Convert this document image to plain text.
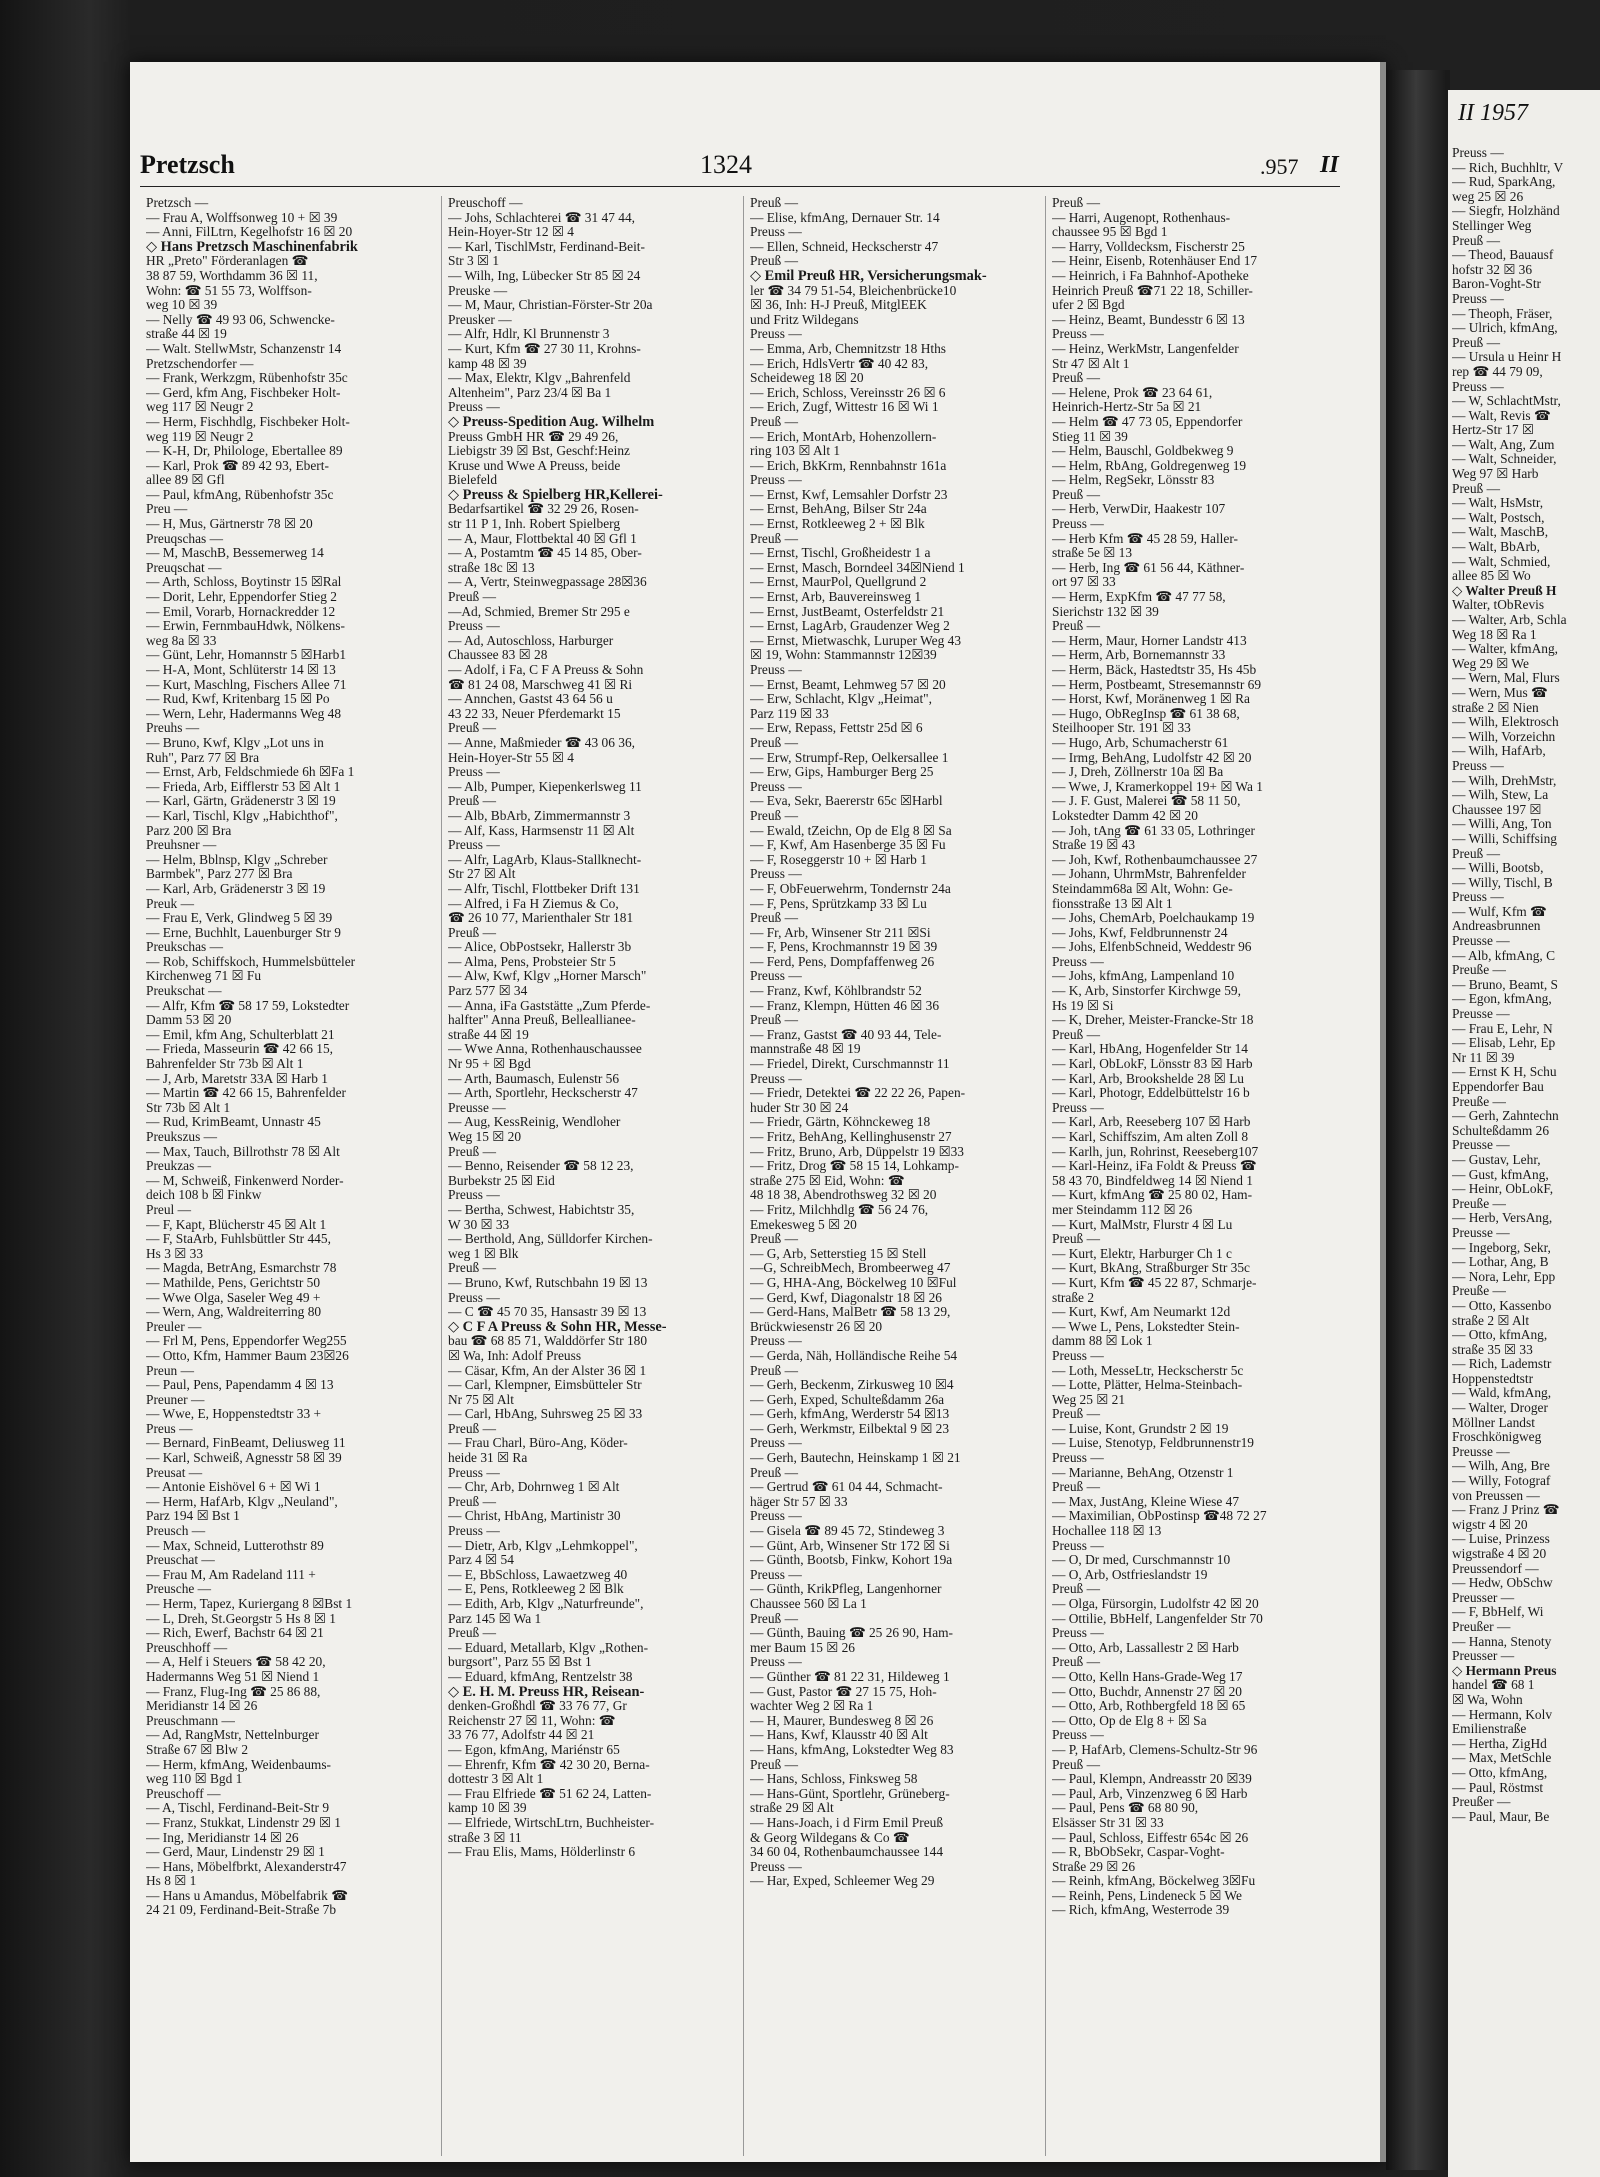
Pretzsch	1324	.957 II
Pretzsch —
— Frau A, Wolffsonweg 10 + ☒ 39
— Anni, FilLtrn, Kegelhofstr 16 ☒ 20
◇ Hans Pretzsch Maschinenfabrik
HR „Preto" Förderanlagen ☎
38 87 59, Worthdamm 36 ☒ 11,
Wohn: ☎ 51 55 73, Wolffson-
weg 10 ☒ 39
— Nelly ☎ 49 93 06, Schwencke-
straße 44 ☒ 19
— Walt. StellwMstr, Schanzenstr 14
Pretzschendorfer —
— Frank, Werkzgm, Rübenhofstr 35c
— Gerd, kfm Ang, Fischbeker Holt-
weg 117 ☒ Neugr 2
— Herm, Fischhdlg, Fischbeker Holt-
weg 119 ☒ Neugr 2
— K-H, Dr, Philologe, Ebertallee 89
— Karl, Prok ☎ 89 42 93, Ebert-
allee 89 ☒ Gfl
— Paul, kfmAng, Rübenhofstr 35c
Preu —
— H, Mus, Gärtnerstr 78 ☒ 20
Preuqschas —
— M, MaschB, Bessemerweg 14
Preuqschat —
— Arth, Schloss, Boytinstr 15 ☒Ral
— Dorit, Lehr, Eppendorfer Stieg 2
— Emil, Vorarb, Hornackredder 12
— Erwin, FernmbauHdwk, Nölkens-
weg 8a ☒ 33
— Günt, Lehr, Homannstr 5 ☒Harb1
— H-A, Mont, Schlüterstr 14 ☒ 13
— Kurt, Maschlng, Fischers Allee 71
— Rud, Kwf, Kritenbarg 15 ☒ Po
— Wern, Lehr, Hadermanns Weg 48
Preuhs —
— Bruno, Kwf, Klgv „Lot uns in
Ruh", Parz 77 ☒ Bra
— Ernst, Arb, Feldschmiede 6h ☒Fa 1
— Frieda, Arb, Eifflerstr 53 ☒ Alt 1
— Karl, Gärtn, Grädenerstr 3 ☒ 19
— Karl, Tischl, Klgv „Habichthof",
Parz 200 ☒ Bra
Preuhsner —
— Helm, Bblnsp, Klgv „Schreber
Barmbek", Parz 277 ☒ Bra
— Karl, Arb, Grädenerstr 3 ☒ 19
Preuk —
— Frau E, Verk, Glindweg 5 ☒ 39
— Erne, Buchhlt, Lauenburger Str 9
Preukschas —
— Rob, Schiffskoch, Hummelsbütteler
Kirchenweg 71 ☒ Fu
Preukschat —
— Alfr, Kfm ☎ 58 17 59, Lokstedter
Damm 53 ☒ 20
— Emil, kfm Ang, Schulterblatt 21
— Frieda, Masseurin ☎ 42 66 15,
Bahrenfelder Str 73b ☒ Alt 1
— J, Arb, Maretstr 33A ☒ Harb 1
— Martin ☎ 42 66 15, Bahrenfelder
Str 73b ☒ Alt 1
— Rud, KrimBeamt, Unnastr 45
Preukszus —
— Max, Tauch, Billrothstr 78 ☒ Alt
Preukzas —
— M, Schweiß, Finkenwerd Norder-
deich 108 b ☒ Finkw
Preul —
— F, Kapt, Blücherstr 45 ☒ Alt 1
— F, StaArb, Fuhlsbüttler Str 445,
Hs 3 ☒ 33
— Magda, BetrAng, Esmarchstr 78
— Mathilde, Pens, Gerichtstr 50
— Wwe Olga, Saseler Weg 49 +
— Wern, Ang, Waldreiterring 80
Preuler —
— Frl M, Pens, Eppendorfer Weg255
— Otto, Kfm, Hammer Baum 23☒26
Preun —
— Paul, Pens, Papendamm 4 ☒ 13
Preuner —
— Wwe, E, Hoppenstedtstr 33 +
Preus —
— Bernard, FinBeamt, Deliusweg 11
— Karl, Schweiß, Agnesstr 58 ☒ 39
Preusat —
— Antonie Eishövel 6 + ☒ Wi 1
— Herm, HafArb, Klgv „Neuland",
Parz 194 ☒ Bst 1
Preusch —
— Max, Schneid, Lutterothstr 89
Preuschat —
— Frau M, Am Radeland 111 +
Preusche —
— Herm, Tapez, Kuriergang 8 ☒Bst 1
— L, Dreh, St.Georgstr 5 Hs 8 ☒ 1
— Rich, Ewerf, Bachstr 64 ☒ 21
Preuschhoff —
— A, Helf i Steuers ☎ 58 42 20,
Hadermanns Weg 51 ☒ Niend 1
— Franz, Flug-Ing ☎ 25 86 88,
Meridianstr 14 ☒ 26
Preuschmann —
— Ad, RangMstr, Nettelnburger
Straße 67 ☒ Blw 2
— Herm, kfmAng, Weidenbaums-
weg 110 ☒ Bgd 1
Preuschoff —
— A, Tischl, Ferdinand-Beit-Str 9
— Franz, Stukkat, Lindenstr 29 ☒ 1
— Ing, Meridianstr 14 ☒ 26
— Gerd, Maur, Lindenstr 29 ☒ 1
— Hans, Möbelfbrkt, Alexanderstr47
Hs 8 ☒ 1
— Hans u Amandus, Möbelfabrik ☎
24 21 09, Ferdinand-Beit-Straße 7b
Preuschoff —
— Johs, Schlachterei ☎ 31 47 44,
Hein-Hoyer-Str 12 ☒ 4
— Karl, TischlMstr, Ferdinand-Beit-
Str 3 ☒ 1
— Wilh, Ing, Lübecker Str 85 ☒ 24
Preuske —
— M, Maur, Christian-Förster-Str 20a
Preusker —
— Alfr, Hdlr, Kl Brunnenstr 3
— Kurt, Kfm ☎ 27 30 11, Krohns-
kamp 48 ☒ 39
— Max, Elektr, Klgv „Bahrenfeld
Altenheim", Parz 23/4 ☒ Ba 1
Preuss —
◇ Preuss-Spedition Aug. Wilhelm
Preuss GmbH HR ☎ 29 49 26,
Liebigstr 39 ☒ Bst, Geschf:Heinz
Kruse und Wwe A Preuss, beide
Bielefeld
◇ Preuss & Spielberg HR,Kellerei-
Bedarfsartikel ☎ 32 29 26, Rosen-
str 11 P 1, Inh. Robert Spielberg
— A, Maur, Flottbektal 40 ☒ Gfl 1
— A, Postamtm ☎ 45 14 85, Ober-
straße 18c ☒ 13
— A, Vertr, Steinwegpassage 28☒36
Preuß —
—Ad, Schmied, Bremer Str 295 e
Preuss —
— Ad, Autoschloss, Harburger
Chaussee 83 ☒ 28
— Adolf, i Fa, C F A Preuss & Sohn
☎ 81 24 08, Marschweg 41 ☒ Ri
— Annchen, Gastst 43 64 56 u
43 22 33, Neuer Pferdemarkt 15
Preuß —
— Anne, Maßmieder ☎ 43 06 36,
Hein-Hoyer-Str 55 ☒ 4
Preuss —
— Alb, Pumper, Kiepenkerlsweg 11
Preuß —
— Alb, BbArb, Zimmermannstr 3
— Alf, Kass, Harmsenstr 11 ☒ Alt
Preuss —
— Alfr, LagArb, Klaus-Stallknecht-
Str 27 ☒ Alt
— Alfr, Tischl, Flottbeker Drift 131
— Alfred, i Fa H Ziemus & Co,
☎ 26 10 77, Marienthaler Str 181
Preuß —
— Alice, ObPostsekr, Hallerstr 3b
— Alma, Pens, Probsteier Str 5
— Alw, Kwf, Klgv „Horner Marsch"
Parz 577 ☒ 34
— Anna, iFa Gaststätte „Zum Pferde-
halfter" Anna Preuß, Belleallianee-
straße 44 ☒ 19
— Wwe Anna, Rothenhauschaussee
Nr 95 + ☒ Bgd
— Arth, Baumasch, Eulenstr 56
— Arth, Sportlehr, Heckscherstr 47
Preusse —
— Aug, KessReinig, Wendloher
Weg 15 ☒ 20
Preuß —
— Benno, Reisender ☎ 58 12 23,
Burbekstr 25 ☒ Eid
Preuss —
— Bertha, Schwest, Habichtstr 35,
W 30 ☒ 33
— Berthold, Ang, Sülldorfer Kirchen-
weg 1 ☒ Blk
Preuß —
— Bruno, Kwf, Rutschbahn 19 ☒ 13
Preuss —
— C ☎ 45 70 35, Hansastr 39 ☒ 13
◇ C F A Preuss & Sohn HR, Messe-
bau ☎ 68 85 71, Walddörfer Str 180
☒ Wa, Inh: Adolf Preuss
— Cäsar, Kfm, An der Alster 36 ☒ 1
— Carl, Klempner, Eimsbütteler Str
Nr 75 ☒ Alt
— Carl, HbAng, Suhrsweg 25 ☒ 33
Preuß —
— Frau Charl, Büro-Ang, Köder-
heide 31 ☒ Ra
Preuss —
— Chr, Arb, Dohrnweg 1 ☒ Alt
Preuß —
— Christ, HbAng, Martinistr 30
Preuss —
— Dietr, Arb, Klgv „Lehmkoppel",
Parz 4 ☒ 54
— E, BbSchloss, Lawaetzweg 40
— E, Pens, Rotkleeweg 2 ☒ Blk
— Edith, Arb, Klgv „Naturfreunde",
Parz 145 ☒ Wa 1
Preuß —
— Eduard, Metallarb, Klgv „Rothen-
burgsort", Parz 55 ☒ Bst 1
— Eduard, kfmAng, Rentzelstr 38
◇ E. H. M. Preuss HR, Reisean-
denken-Großhdl ☎ 33 76 77, Gr
Reichenstr 27 ☒ 11, Wohn: ☎
33 76 77, Adolfstr 44 ☒ 21
— Egon, kfmAng, Mariénstr 65
— Ehrenfr, Kfm ☎ 42 30 20, Berna-
dottestr 3 ☒ Alt 1
— Frau Elfriede ☎ 51 62 24, Latten-
kamp 10 ☒ 39
— Elfriede, WirtschLtrn, Buchheister-
straße 3 ☒ 11
— Frau Elis, Mams, Hölderlinstr 6
Preuß —
— Elise, kfmAng, Dernauer Str. 14
Preuss —
— Ellen, Schneid, Heckscherstr 47
Preuß —
◇ Emil Preuß HR, Versicherungsmak-
ler ☎ 34 79 51-54, Bleichenbrücke10
☒ 36, Inh: H-J Preuß, MitglEEK
und Fritz Wildegans
Preuss —
— Emma, Arb, Chemnitzstr 18 Hths
— Erich, HdlsVertr ☎ 40 42 83,
Scheideweg 18 ☒ 20
— Erich, Schloss, Vereinsstr 26 ☒ 6
— Erich, Zugf, Wittestr 16 ☒ Wi 1
Preuß —
— Erich, MontArb, Hohenzollern-
ring 103 ☒ Alt 1
— Erich, BkKrm, Rennbahnstr 161a
Preuss —
— Ernst, Kwf, Lemsahler Dorfstr 23
— Ernst, BehAng, Bilser Str 24a
— Ernst, Rotkleeweg 2 + ☒ Blk
Preuß —
— Ernst, Tischl, Großheidestr 1 a
— Ernst, Masch, Borndeel 34☒Niend 1
— Ernst, MaurPol, Quellgrund 2
— Ernst, Arb, Bauvereinsweg 1
— Ernst, JustBeamt, Osterfeldstr 21
— Ernst, LagArb, Graudenzer Weg 2
— Ernst, Mietwaschk, Luruper Weg 43
☒ 19, Wohn: Stammannstr 12☒39
Preuss —
— Ernst, Beamt, Lehmweg 57 ☒ 20
— Erw, Schlacht, Klgv „Heimat",
Parz 119 ☒ 33
— Erw, Repass, Fettstr 25d ☒ 6
Preuß —
— Erw, Strumpf-Rep, Oelkersallee 1
— Erw, Gips, Hamburger Berg 25
Preuss —
— Eva, Sekr, Baererstr 65c ☒Harbl
Preuß —
— Ewald, tZeichn, Op de Elg 8 ☒ Sa
— F, Kwf, Am Hasenberge 35 ☒ Fu
— F, Roseggerstr 10 + ☒ Harb 1
Preuss —
— F, ObFeuerwehrm, Tondernstr 24a
— F, Pens, Sprützkamp 33 ☒ Lu
Preuß —
— Fr, Arb, Winsener Str 211 ☒Si
— F, Pens, Krochmannstr 19 ☒ 39
— Ferd, Pens, Dompfaffenweg 26
Preuss —
— Franz, Kwf, Köhlbrandstr 52
— Franz, Klempn, Hütten 46 ☒ 36
Preuß —
— Franz, Gastst ☎ 40 93 44, Tele-
mannstraße 48 ☒ 19
— Friedel, Direkt, Curschmannstr 11
Preuss —
— Friedr, Detektei ☎ 22 22 26, Papen-
huder Str 30 ☒ 24
— Friedr, Gärtn, Köhnckeweg 18
— Fritz, BehAng, Kellinghusenstr 27
— Fritz, Bruno, Arb, Düppelstr 19 ☒33
— Fritz, Drog ☎ 58 15 14, Lohkamp-
straße 275 ☒ Eid, Wohn: ☎
48 18 38, Abendrothsweg 32 ☒ 20
— Fritz, Milchhdlg ☎ 56 24 76,
Emekesweg 5 ☒ 20
Preuß —
— G, Arb, Setterstieg 15 ☒ Stell
—G, SchreibMech, Brombeerweg 47
— G, HHA-Ang, Böckelweg 10 ☒Ful
— Gerd, Kwf, Diagonalstr 18 ☒ 26
— Gerd-Hans, MalBetr ☎ 58 13 29,
Brückwiesenstr 26 ☒ 20
Preuss —
— Gerda, Näh, Holländische Reihe 54
Preuß —
— Gerh, Beckenm, Zirkusweg 10 ☒4
— Gerh, Exped, Schulteßdamm 26a
— Gerh, kfmAng, Werderstr 54 ☒13
— Gerh, Werkmstr, Eilbektal 9 ☒ 23
Preuss —
— Gerh, Bautechn, Heinskamp 1 ☒ 21
Preuß —
— Gertrud ☎ 61 04 44, Schmacht-
häger Str 57 ☒ 33
Preuss —
— Gisela ☎ 89 45 72, Stindeweg 3
— Günt, Arb, Winsener Str 172 ☒ Si
— Günth, Bootsb, Finkw, Kohort 19a
Preuss —
— Günth, KrikPfleg, Langenhorner
Chaussee 560 ☒ La 1
Preuß —
— Günth, Bauing ☎ 25 26 90, Ham-
mer Baum 15 ☒ 26
Preuss —
— Günther ☎ 81 22 31, Hildeweg 1
— Gust, Pastor ☎ 27 15 75, Hoh-
wachter Weg 2 ☒ Ra 1
— H, Maurer, Bundesweg 8 ☒ 26
— Hans, Kwf, Klausstr 40 ☒ Alt
— Hans, kfmAng, Lokstedter Weg 83
Preuß —
— Hans, Schloss, Finksweg 58
— Hans-Günt, Sportlehr, Grüneberg-
straße 29 ☒ Alt
— Hans-Joach, i d Firm Emil Preuß
& Georg Wildegans & Co ☎
34 60 04, Rothenbaumchaussee 144
Preuss —
— Har, Exped, Schleemer Weg 29
Preuß —
— Harri, Augenopt, Rothenhaus-
chaussee 95 ☒ Bgd 1
— Harry, Volldecksm, Fischerstr 25
— Heinr, Eisenb, Rotenhäuser End 17
— Heinrich, i Fa Bahnhof-Apotheke
Heinrich Preuß ☎71 22 18, Schiller-
ufer 2 ☒ Bgd
— Heinz, Beamt, Bundesstr 6 ☒ 13
Preuss —
— Heinz, WerkMstr, Langenfelder
Str 47 ☒ Alt 1
Preuß —
— Helene, Prok ☎ 23 64 61,
Heinrich-Hertz-Str 5a ☒ 21
— Helm ☎ 47 73 05, Eppendorfer
Stieg 11 ☒ 39
— Helm, Bauschl, Goldbekweg 9
— Helm, RbAng, Goldregenweg 19
— Helm, RegSekr, Lönsstr 83
Preuß —
— Herb, VerwDir, Haakestr 107
Preuss —
— Herb Kfm ☎ 45 28 59, Haller-
straße 5e ☒ 13
— Herb, Ing ☎ 61 56 44, Käthner-
ort 97 ☒ 33
— Herm, ExpKfm ☎ 47 77 58,
Sierichstr 132 ☒ 39
Preuß —
— Herm, Maur, Horner Landstr 413
— Herm, Arb, Bornemannstr 33
— Herm, Bäck, Hastedtstr 35, Hs 45b
— Herm, Postbeamt, Stresemannstr 69
— Horst, Kwf, Moränenweg 1 ☒ Ra
— Hugo, ObRegInsp ☎ 61 38 68,
Steilhooper Str. 191 ☒ 33
— Hugo, Arb, Schumacherstr 61
— Irmg, BehAng, Ludolfstr 42 ☒ 20
— J, Dreh, Zöllnerstr 10a ☒ Ba
— Wwe, J, Kramerkoppel 19+ ☒ Wa 1
— J. F. Gust, Malerei ☎ 58 11 50,
Lokstedter Damm 42 ☒ 20
— Joh, tAng ☎ 61 33 05, Lothringer
Straße 19 ☒ 43
— Joh, Kwf, Rothenbaumchaussee 27
— Johann, UhrmMstr, Bahrenfelder
Steindamm68a ☒ Alt, Wohn: Ge-
fionsstraße 13 ☒ Alt 1
— Johs, ChemArb, Poelchaukamp 19
— Johs, Kwf, Feldbrunnenstr 24
— Johs, ElfenbSchneid, Weddestr 96
Preuss —
— Johs, kfmAng, Lampenland 10
— K, Arb, Sinstorfer Kirchwge 59,
Hs 19 ☒ Si
— K, Dreher, Meister-Francke-Str 18
Preuß —
— Karl, HbAng, Hogenfelder Str 14
— Karl, ObLokF, Lönsstr 83 ☒ Harb
— Karl, Arb, Brookshelde 28 ☒ Lu
— Karl, Photogr, Eddelbüttelstr 16 b
Preuss —
— Karl, Arb, Reeseberg 107 ☒ Harb
— Karl, Schiffszim, Am alten Zoll 8
— Karlh, jun, Rohrinst, Reeseberg107
— Karl-Heinz, iFa Foldt & Preuss ☎
58 43 70, Bindfeldweg 14 ☒ Niend 1
— Kurt, kfmAng ☎ 25 80 02, Ham-
mer Steindamm 112 ☒ 26
— Kurt, MalMstr, Flurstr 4 ☒ Lu
Preuß —
— Kurt, Elektr, Harburger Ch 1 c
— Kurt, BkAng, Straßburger Str 35c
— Kurt, Kfm ☎ 45 22 87, Schmarje-
straße 2
— Kurt, Kwf, Am Neumarkt 12d
— Wwe L, Pens, Lokstedter Stein-
damm 88 ☒ Lok 1
Preuss —
— Loth, MesseLtr, Heckscherstr 5c
— Lotte, Plätter, Helma-Steinbach-
Weg 25 ☒ 21
Preuß —
— Luise, Kont, Grundstr 2 ☒ 19
— Luise, Stenotyp, Feldbrunnenstr19
Preuss —
— Marianne, BehAng, Otzenstr 1
Preuß —
— Max, JustAng, Kleine Wiese 47
— Maximilian, ObPostinsp ☎48 72 27
Hochallee 118 ☒ 13
Preuss —
— O, Dr med, Curschmannstr 10
— O, Arb, Ostfrieslandstr 19
Preuß —
— Olga, Fürsorgin, Ludolfstr 42 ☒ 20
— Ottilie, BbHelf, Langenfelder Str 70
Preuss —
— Otto, Arb, Lassallestr 2 ☒ Harb
Preuß —
— Otto, Kelln Hans-Grade-Weg 17
— Otto, Buchdr, Annenstr 27 ☒ 20
— Otto, Arb, Rothbergfeld 18 ☒ 65
— Otto, Op de Elg 8 + ☒ Sa
Preuss —
— P, HafArb, Clemens-Schultz-Str 96
Preuß —
— Paul, Klempn, Andreasstr 20 ☒39
— Paul, Arb, Vinzenzweg 6 ☒ Harb
— Paul, Pens ☎ 68 80 90,
Elsässer Str 31 ☒ 33
— Paul, Schloss, Eiffestr 654c ☒ 26
— R, BbObSekr, Caspar-Voght-
Straße 29 ☒ 26
— Reinh, kfmAng, Böckelweg 3☒Fu
— Reinh, Pens, Lindeneck 5 ☒ We
— Rich, kfmAng, Westerrode 39
II 1957
Preuss —
— Rich, Buchhltr, V
— Rud, SparkAng,
weg 25 ☒ 26
— Siegfr, Holzhänd
Stellinger Weg
Preuß —
— Theod, Bauausf
hofstr 32 ☒ 36
Baron-Voght-Str
Preuss —
— Theoph, Fräser,
— Ulrich, kfmAng,
Preuß —
— Ursula u Heinr H
rep ☎ 44 79 09,
Preuss —
— W, SchlachtMstr,
— Walt, Revis ☎
Hertz-Str 17 ☒
— Walt, Ang, Zum
— Walt, Schneider,
Weg 97 ☒ Harb
Preuß —
— Walt, HsMstr,
— Walt, Postsch,
— Walt, MaschB,
— Walt, BbArb,
— Walt, Schmied,
allee 85 ☒ Wo
◇ Walter Preuß H
Walter, tObRevis
— Walter, Arb, Schla
Weg 18 ☒ Ra 1
— Walter, kfmAng,
Weg 29 ☒ We
— Wern, Mal, Flurs
— Wern, Mus ☎
straße 2 ☒ Nien
— Wilh, Elektrosch
— Wilh, Vorzeichn
— Wilh, HafArb,
Preuss —
— Wilh, DrehMstr,
— Wilh, Stew, La
Chaussee 197 ☒
— Willi, Ang, Ton
— Willi, Schiffsing
Preuß —
— Willi, Bootsb,
— Willy, Tischl, B
Preuss —
— Wulf, Kfm ☎
Andreasbrunnen
Preusse —
— Alb, kfmAng, C
Preuße —
— Bruno, Beamt, S
— Egon, kfmAng,
Preusse —
— Frau E, Lehr, N
— Elisab, Lehr, Ep
Nr 11 ☒ 39
— Ernst K H, Schu
Eppendorfer Bau
Preuße —
— Gerh, Zahntechn
Schulteßdamm 26
Preusse —
— Gustav, Lehr,
— Gust, kfmAng,
— Heinr, ObLokF,
Preuße —
— Herb, VersAng,
Preusse —
— Ingeborg, Sekr,
— Lothar, Ang, B
— Nora, Lehr, Epp
Preuße —
— Otto, Kassenbo
straße 2 ☒ Alt
— Otto, kfmAng,
straße 35 ☒ 33
— Rich, Lademstr
Hoppenstedtstr
— Wald, kfmAng,
— Walter, Droger
Möllner Landst
Froschkönigweg
Preusse —
— Wilh, Ang, Bre
— Willy, Fotograf
von Preussen —
— Franz J Prinz ☎
wigstr 4 ☒ 20
— Luise, Prinzess
wigstraße 4 ☒ 20
Preussendorf —
— Hedw, ObSchw
Preusser —
— F, BbHelf, Wi
Preußer —
— Hanna, Stenoty
Preusser —
◇ Hermann Preus
handel ☎ 68 1
☒ Wa, Wohn
— Hermann, Kolv
Emilienstraße
— Hertha, ZigHd
— Max, MetSchle
— Otto, kfmAng,
— Paul, Röstmst
Preußer —
— Paul, Maur, Be
